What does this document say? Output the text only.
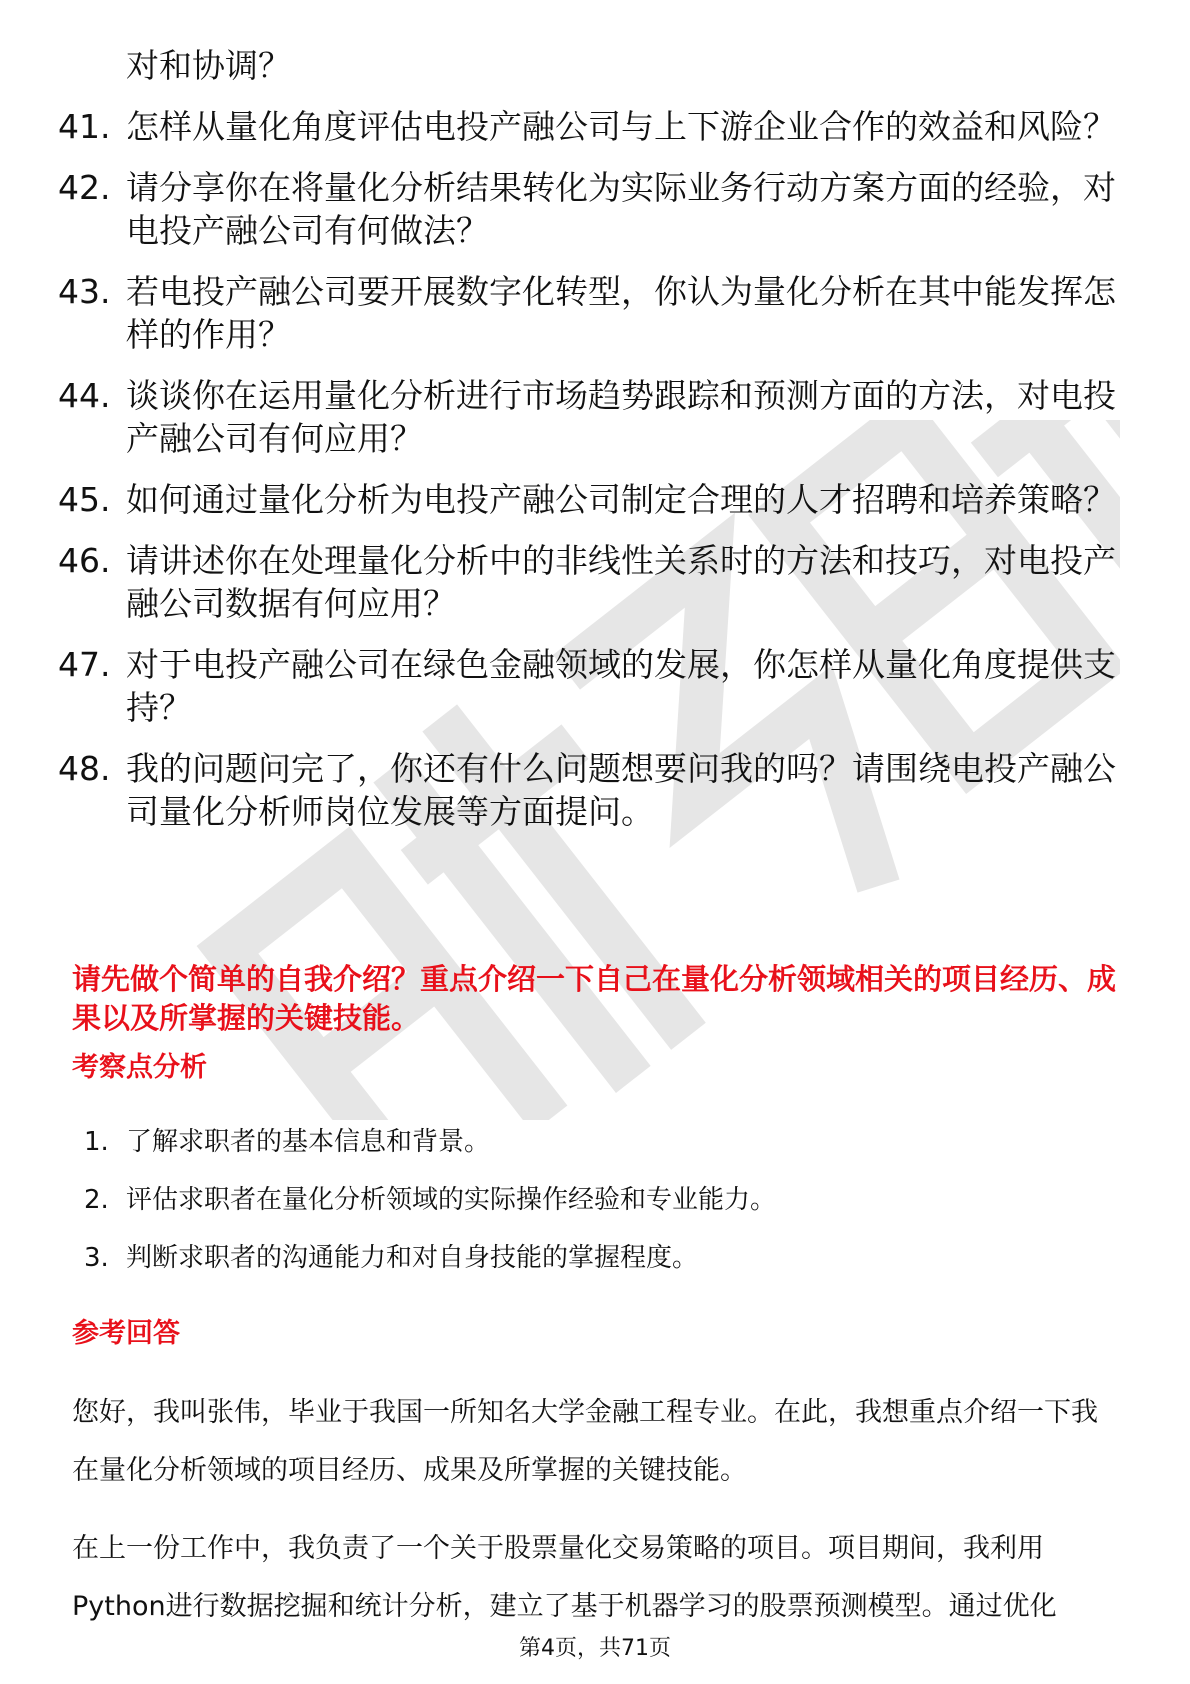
对和协调？
41. 怎样从量化角度评估电投产融公司与上下游企业合作的效益和风险？
42. 请分享你在将量化分析结果转化为实际业务行动方案方面的经验，对电投产融公司有何做法？
43. 若电投产融公司要开展数字化转型，你认为量化分析在其中能发挥怎样的作用？
44. 谈谈你在运用量化分析进行市场趋势跟踪和预测方面的方法，对电投产融公司有何应用？
45. 如何通过量化分析为电投产融公司制定合理的人才招聘和培养策略？
46. 请讲述你在处理量化分析中的非线性关系时的方法和技巧，对电投产融公司数据有何应用？
47. 对于电投产融公司在绿色金融领域的发展，你怎样从量化角度提供支持？
48. 我的问题问完了，你还有什么问题想要问我的吗？请围绕电投产融公司量化分析师岗位发展等方面提问。
请先做个简单的自我介绍？重点介绍一下自己在量化分析领域相关的项目经历、成果以及所掌握的关键技能。
考察点分析
1. 了解求职者的基本信息和背景。
2. 评估求职者在量化分析领域的实际操作经验和专业能力。
3. 判断求职者的沟通能力和对自身技能的掌握程度。
参考回答
您好，我叫张伟，毕业于我国一所知名大学金融工程专业。在此，我想重点介绍一下我在量化分析领域的项目经历、成果及所掌握的关键技能。
在上一份工作中，我负责了一个关于股票量化交易策略的项目。项目期间，我利用Python进行数据挖掘和统计分析，建立了基于机器学习的股票预测模型。通过优化
第4页，共71页
